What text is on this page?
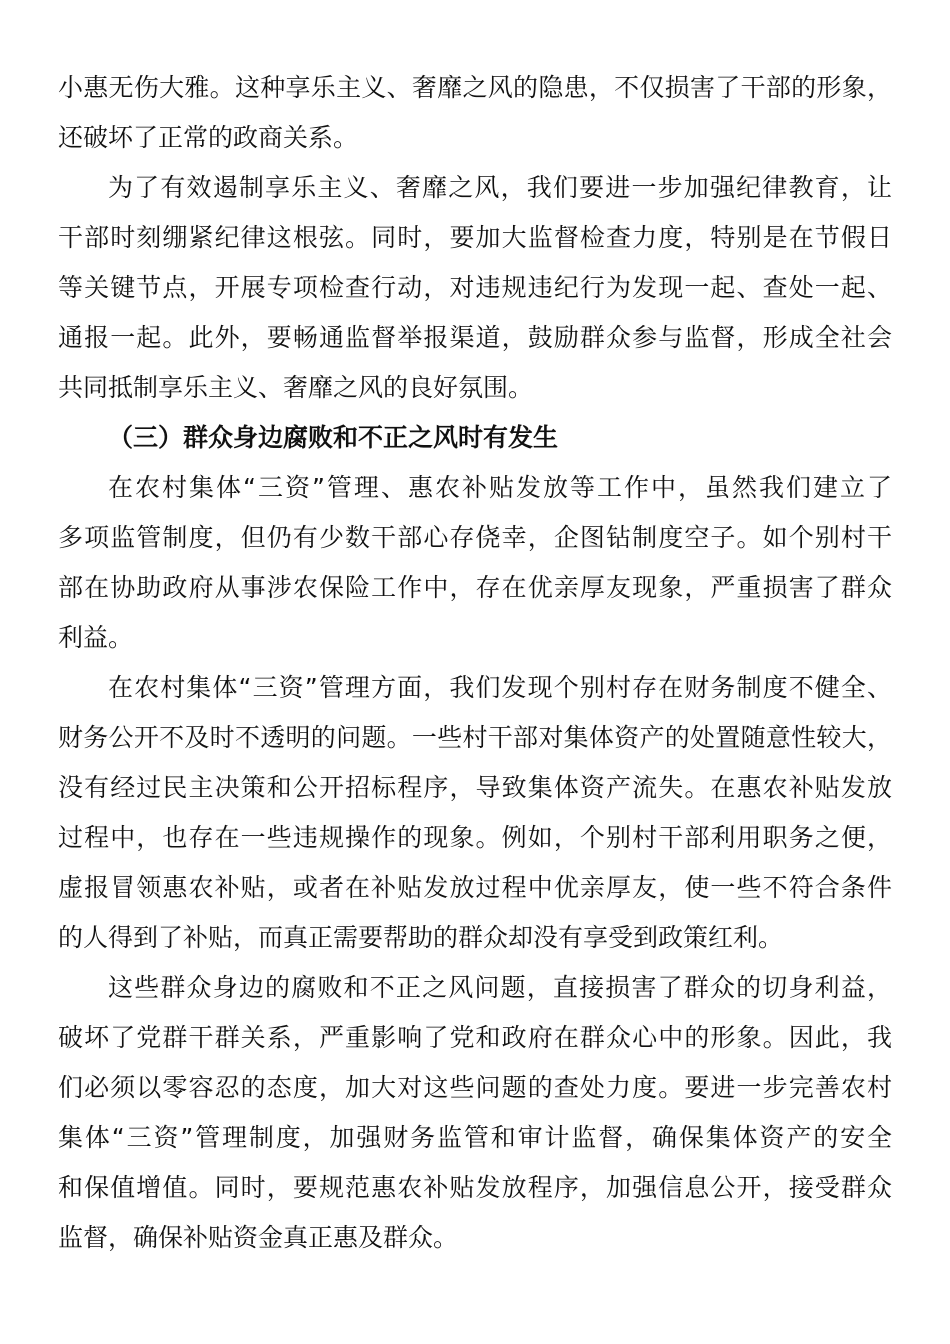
小惠无伤大雅。这种享乐主义、奢靡之风的隐患，不仅损害了干部的形象，
还破坏了正常的政商关系。
为了有效遏制享乐主义、奢靡之风，我们要进一步加强纪律教育，让
干部时刻绷紧纪律这根弦。同时，要加大监督检查力度，特别是在节假日
等关键节点，开展专项检查行动，对违规违纪行为发现一起、查处一起、
通报一起。此外，要畅通监督举报渠道，鼓励群众参与监督，形成全社会
共同抵制享乐主义、奢靡之风的良好氛围。
（三）群众身边腐败和不正之风时有发生
在农村集体“三资”管理、惠农补贴发放等工作中，虽然我们建立了
多项监管制度，但仍有少数干部心存侥幸，企图钻制度空子。如个别村干
部在协助政府从事涉农保险工作中，存在优亲厚友现象，严重损害了群众
利益。
在农村集体“三资”管理方面，我们发现个别村存在财务制度不健全、
财务公开不及时不透明的问题。一些村干部对集体资产的处置随意性较大，
没有经过民主决策和公开招标程序，导致集体资产流失。在惠农补贴发放
过程中，也存在一些违规操作的现象。例如，个别村干部利用职务之便，
虚报冒领惠农补贴，或者在补贴发放过程中优亲厚友，使一些不符合条件
的人得到了补贴，而真正需要帮助的群众却没有享受到政策红利。
这些群众身边的腐败和不正之风问题，直接损害了群众的切身利益，
破坏了党群干群关系，严重影响了党和政府在群众心中的形象。因此，我
们必须以零容忍的态度，加大对这些问题的查处力度。要进一步完善农村
集体“三资”管理制度，加强财务监管和审计监督，确保集体资产的安全
和保值增值。同时，要规范惠农补贴发放程序，加强信息公开，接受群众
监督，确保补贴资金真正惠及群众。
